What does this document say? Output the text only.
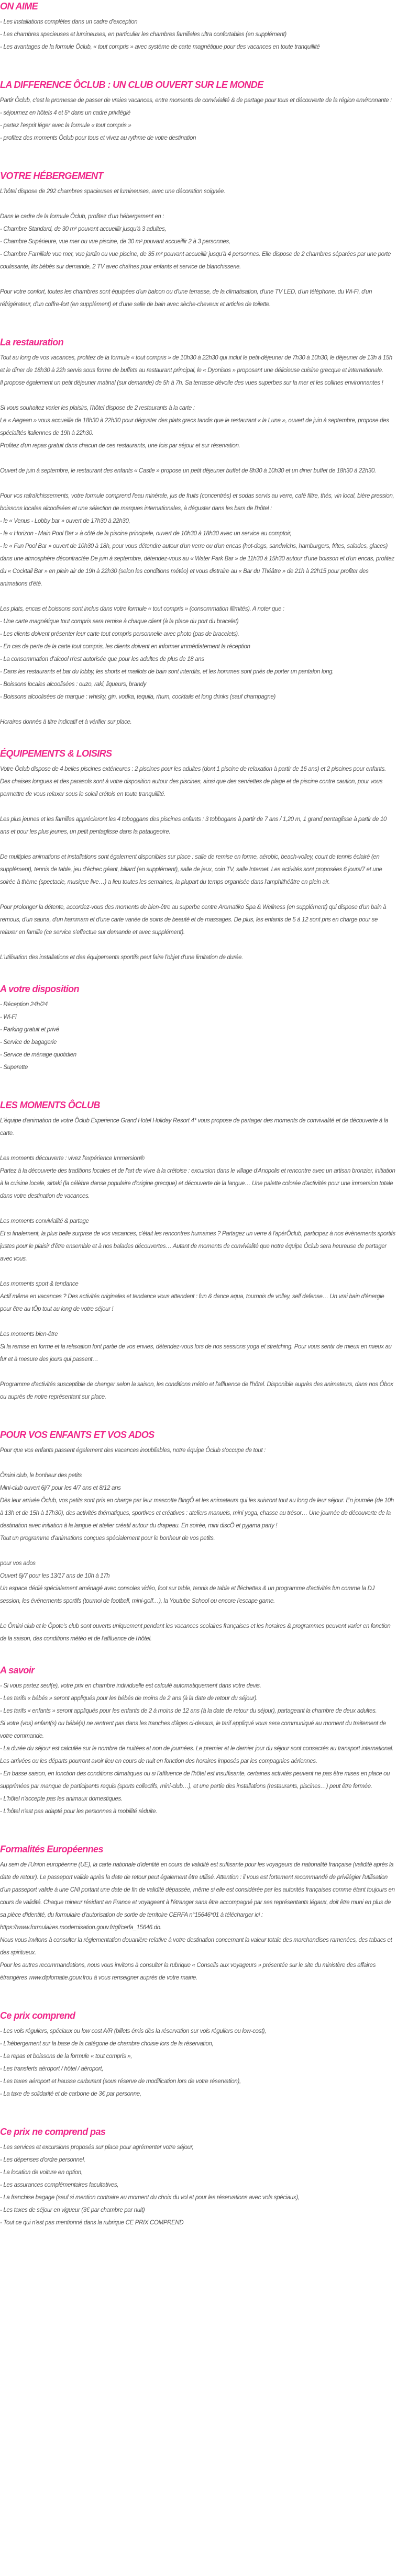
ON AIME

- Les installations complètes dans un cadre d'exception

- Les chambres spacieuses et lumineuses, en particulier les chambres familiales ultra confortables (en supplément)

- Les avantages de la formule Ôclub, « tout compris » avec système de carte magnétique pour des vacances en toute tranquillité

LA DIFFERENCE ÔCLUB : UN CLUB OUVERT SUR LE MONDE

Partir Ôclub, c'est la promesse de passer de vraies vacances, entre moments de convivialité & de partage pour tous et découverte de la région environnante :

- séjournez en hôtels 4 et 5* dans un cadre privilégié

- partez l'esprit léger avec la formule « tout compris »

- profitez des moments Ôclub pour tous et vivez au rythme de votre destination

VOTRE HÉBERGEMENT

L'hôtel dispose de 292 chambres spacieuses et lumineuses, avec une décoration soignée.

Dans le cadre de la formule Ôclub, profitez d'un hébergement en :

- Chambre Standard, de 30 m² pouvant accueillir jusqu'à 3 adultes,

- Chambre Supérieure, vue mer ou vue piscine, de 30 m² pouvant accueillir 2 à 3 personnes,

- Chambre Familiale vue mer, vue jardin ou vue piscine, de 35 m² pouvant accueillir jusqu'à 4 personnes. Elle dispose de 2 chambres séparées par une porte coulissante, lits bébés sur demande, 2 TV avec chaînes pour enfants et service de blanchisserie.

Pour votre confort, toutes les chambres sont équipées d'un balcon ou d'une terrasse, de la climatisation, d'une TV LED, d'un téléphone, du Wi-Fi, d'un réfrigérateur, d'un coffre-fort (en supplément) et d'une salle de bain avec sèche-cheveux et articles de toilette.

La restauration

Tout au long de vos vacances, profitez de la formule « tout compris » de 10h30 à 22h30 qui inclut le petit-déjeuner de 7h30 à 10h30, le déjeuner de 13h à 15h et le dîner de 18h30 à 22h servis sous forme de buffets au restaurant principal, le « Dyonisos » proposant une délicieuse cuisine grecque et internationale.

Il propose également un petit déjeuner matinal (sur demande) de 5h à 7h. Sa terrasse dévoile des vues superbes sur la mer et les collines environnantes !

Si vous souhaitez varier les plaisirs, l'hôtel dispose de 2 restaurants à la carte :

Le « Aegean » vous accueille de 18h30 à 22h30 pour déguster des plats grecs tandis que le restaurant « la Luna », ouvert de juin à septembre, propose des spécialités italiennes de 19h à 22h30.

Profitez d'un repas gratuit dans chacun de ces restaurants, une fois par séjour et sur réservation.

Ouvert de juin à septembre, le restaurant des enfants « Castle » propose un petit déjeuner buffet de 8h30 à 10h30 et un diner buffet de 18h30 à 22h30.

Pour vos rafraîchissements, votre formule comprend l'eau minérale, jus de fruits (concentrés) et sodas servis au verre, café filtre, thés, vin local, bière pression, boissons locales alcoolisées et une sélection de marques internationales, à déguster dans les bars de l'hôtel :

- le « Venus - Lobby bar » ouvert de 17h30 à 22h30,

- le « Horizon - Main Pool Bar » à côté de la piscine principale, ouvert de 10h30 à 18h30 avec un service au comptoir,

- le « Fun Pool Bar » ouvert de 10h30 à 18h, pour vous détendre autour d'un verre ou d'un encas (hot-dogs, sandwichs, hamburgers, frites, salades, glaces) dans une atmosphère décontractée De juin à septembre, détendez-vous au « Water Park Bar » de 11h30 à 15h30 autour d'une boisson et d'un encas, profitez du « Cocktail Bar » en plein air de 19h à 22h30 (selon les conditions météo) et vous distraire au « Bar du Théâtre » de 21h à 22h15 pour profiter des animations d'été.

Les plats, encas et boissons sont inclus dans votre formule « tout compris » (consommation illimités). A noter que :

- Une carte magnétique tout compris sera remise à chaque client (à la place du port du bracelet)

- Les clients doivent présenter leur carte tout compris personnelle avec photo (pas de bracelets).

- En cas de perte de la carte tout compris, les clients doivent en informer immédiatement la réception

- La consommation d'alcool n'est autorisée que pour les adultes de plus de 18 ans

- Dans les restaurants et bar du lobby, les shorts et maillots de bain sont interdits, et les hommes sont priés de porter un pantalon long.

- Boissons locales alcoolisées : ouzo, raki, liqueurs, brandy

- Boissons alcoolisées de marque : whisky, gin, vodka, tequila, rhum, cocktails et long drinks (sauf champagne)

Horaires donnés à titre indicatif et à vérifier sur place.

ÉQUIPEMENTS & LOISIRS

Votre Ôclub dispose de 4 belles piscines extérieures : 2 piscines pour les adultes (dont 1 piscine de relaxation à partir de 16 ans) et 2 piscines pour enfants. Des chaises longues et des parasols sont à votre disposition autour des piscines, ainsi que des serviettes de plage et de piscine contre caution, pour vous permettre de vous relaxer sous le soleil crétois en toute tranquillité.

Les plus jeunes et les familles apprécieront les 4 toboggans des piscines enfants : 3 tobbogans à partir de 7 ans / 1,20 m, 1 grand pentaglisse à partir de 10 ans et pour les plus jeunes, un petit pentaglisse dans la pataugeoire.

De multiples animations et installations sont également disponibles sur place : salle de remise en forme, aérobic, beach-volley, court de tennis éclairé (en supplément), tennis de table, jeu d'échec géant, billard (en supplément), salle de jeux, coin TV, salle Internet. Les activités sont proposées 6 jours/7 et une soirée à thème (spectacle, musique live…) a lieu toutes les semaines, la plupart du temps organisée dans l'amphithéâtre en plein air.

Pour prolonger la détente, accordez-vous des moments de bien-être au superbe centre Aromatiko Spa & Wellness (en supplément) qui dispose d'un bain à remous, d'un sauna, d'un hammam et d'une carte variée de soins de beauté et de massages. De plus, les enfants de 5 à 12 sont pris en charge pour se relaxer en famille (ce service s'effectue sur demande et avec supplément).

L'utilisation des installations et des équipements sportifs peut faire l'objet d'une limitation de durée.

A votre disposition

- Réception 24h/24

- Wi-Fi

- Parking gratuit et privé

- Service de bagagerie

- Service de ménage quotidien

- Superette

LES MOMENTS ÔCLUB

L'équipe d'animation de votre Ôclub Experience Grand Hotel Holiday Resort 4* vous propose de partager des moments de convivialité et de découverte à la carte.

Les moments découverte : vivez l'expérience Immersion®

Partez à la découverte des traditions locales et de l'art de vivre à la crétoise : excursion dans le village d'Anopolis et rencontre avec un artisan bronzier, initiation à la cuisine locale, sirtaki (la célèbre danse populaire d'origine grecque) et découverte de la langue… Une palette colorée d'activités pour une immersion totale dans votre destination de vacances.

Les moments convivialité & partage

Et si finalement, la plus belle surprise de vos vacances, c'était les rencontres humaines ? Partagez un verre à l'apérÔclub, participez à nos évènements sportifs justes pour le plaisir d'être ensemble et à nos balades découvertes… Autant de moments de convivialité que notre équipe Ôclub sera heureuse de partager avec vous.

Les moments sport & tendance

Actif même en vacances ? Des activités originales et tendance vous attendent : fun & dance aqua, tournois de volley, self defense… Un vrai bain d'énergie pour être au tÔp tout au long de votre séjour !

Les moments bien-être

Si la remise en forme et la relaxation font partie de vos envies, détendez-vous lors de nos sessions yoga et stretching. Pour vous sentir de mieux en mieux au fur et à mesure des jours qui passent…

Programme d'activités susceptible de changer selon la saison, les conditions météo et l'affluence de l'hôtel. Disponible auprès des animateurs, dans nos Ôbox ou auprès de notre représentant sur place.

POUR VOS ENFANTS ET VOS ADOS

Pour que vos enfants passent également des vacances inoubliables, notre équipe Ôclub s'occupe de tout :

Ômini club, le bonheur des petits

Mini-club ouvert 6j/7 pour les 4/7 ans et 8/12 ans

Dès leur arrivée Ôclub, vos petits sont pris en charge par leur mascotte BingÔ et les animateurs qui les suivront tout au long de leur séjour. En journée (de 10h à 13h et de 15h à 17h30), des activités thématiques, sportives et créatives : ateliers manuels, mini yoga, chasse au trésor… Une journée de découverte de la destination avec initiation à la langue et atelier créatif autour du drapeau. En soirée, mini discÔ et pyjama party !

Tout un programme d'animations conçues spécialement pour le bonheur de vos petits.

pour vos ados

Ouvert 6j/7 pour les 13/17 ans de 10h à 17h

Un espace dédié spécialement aménagé avec consoles vidéo, foot sur table, tennis de table et fléchettes & un programme d'activités fun comme la DJ session, les événements sportifs (tournoi de football, mini-golf…), la Youtube School ou encore l'escape game.

Le Ômini club et le Ôpote's club sont ouverts uniquement pendant les vacances scolaires françaises et les horaires & programmes peuvent varier en fonction de la saison, des conditions météo et de l'affluence de l'hôtel.

A savoir

- Si vous partez seul(e), votre prix en chambre individuelle est calculé automatiquement dans votre devis.

- Les tarifs « bébés » seront appliqués pour les bébés de moins de 2 ans (à la date de retour du séjour).

- Les tarifs « enfants » seront appliqués pour les enfants de 2 à moins de 12 ans (à la date de retour du séjour), partageant la chambre de deux adultes.

Si votre (vos) enfant(s) ou bébé(s) ne rentrent pas dans les tranches d'âges ci-dessus, le tarif appliqué vous sera communiqué au moment du traitement de votre commande.

- La durée du séjour est calculée sur le nombre de nuitées et non de journées. Le premier et le dernier jour du séjour sont consacrés au transport international. Les arrivées ou les départs pourront avoir lieu en cours de nuit en fonction des horaires imposés par les compagnies aériennes.

- En basse saison, en fonction des conditions climatiques ou si l'affluence de l'hôtel est insuffisante, certaines activités peuvent ne pas être mises en place ou supprimées par manque de participants requis (sports collectifs, mini-club…), et une partie des installations (restaurants, piscines…) peut être fermée.

- L'hôtel n'accepte pas les animaux domestiques.

- L'hôtel n'est pas adapté pour les personnes à mobilité réduite.

Formalités Européennes

Au sein de l'Union européenne (UE), la carte nationale d'identité en cours de validité est suffisante pour les voyageurs de nationalité française (validité après la date de retour). Le passeport valide après la date de retour peut également être utilisé. Attention : il vous est fortement recommandé de privilégier l'utilisation d'un passeport valide à une CNI portant une date de fin de validité dépassée, même si elle est considérée par les autorités françaises comme étant toujours en cours de validité. Chaque mineur résidant en France et voyageant à l'étranger sans être accompagné par ses représentants légaux, doit être muni en plus de sa pièce d'identité, du formulaire d'autorisation de sortie de territoire CERFA n°15646*01 à télécharger ici :

https://www.formulaires.modernisation.gouv.fr/gf/cerfa_15646.do.

Nous vous invitons à consulter la réglementation douanière relative à votre destination concernant la valeur totale des marchandises ramenées, des tabacs et des spiritueux.

Pour les autres recommandations, nous vous invitons à consulter la rubrique « Conseils aux voyageurs » présentée sur le site du ministère des affaires étrangères www.diplomatie.gouv.frou à vous renseigner auprès de votre mairie.

Ce prix comprend

- Les vols réguliers, spéciaux ou low cost A/R (billets émis dès la réservation sur vols réguliers ou low-cost),

- L'hébergement sur la base de la catégorie de chambre choisie lors de la réservation,

- La repas et boissons de la formule « tout compris »,

- Les transferts aéroport / hôtel / aéroport,

- Les taxes aéroport et hausse carburant (sous réserve de modification lors de votre réservation),

- La taxe de solidarité et de carbone de 3€ par personne,

Ce prix ne comprend pas

- Les services et excursions proposés sur place pour agrémenter votre séjour,

- Les dépenses d'ordre personnel,

- La location de voiture en option,

- Les assurances complémentaires facultatives,

- La franchise bagage (sauf si mention contraire au moment du choix du vol et pour les réservations avec vols spéciaux),

- Les taxes de séjour en vigueur (3€ par chambre par nuit)

- Tout ce qui n'est pas mentionné dans la rubrique CE PRIX COMPREND
